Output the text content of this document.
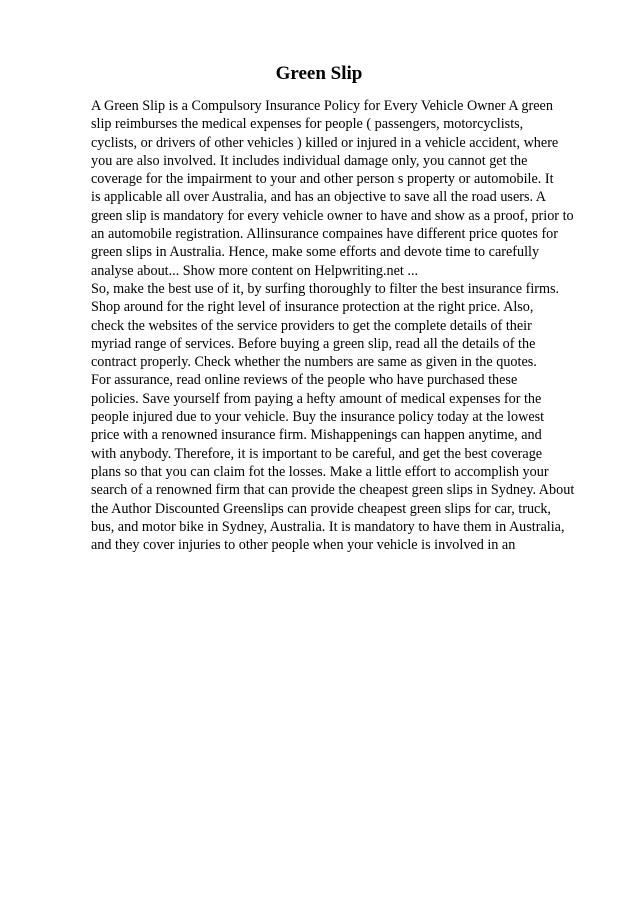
Green Slip
A Green Slip is a Compulsory Insurance Policy for Every Vehicle Owner A green
slip reimburses the medical expenses for people ( passengers, motorcyclists,
cyclists, or drivers of other vehicles ) killed or injured in a vehicle accident, where
you are also involved. It includes individual damage only, you cannot get the
coverage for the impairment to your and other person s property or automobile. It
is applicable all over Australia, and has an objective to save all the road users. A
green slip is mandatory for every vehicle owner to have and show as a proof, prior to
an automobile registration. Allinsurance compaines have different price quotes for
green slips in Australia. Hence, make some efforts and devote time to carefully
analyse about... Show more content on Helpwriting.net ...
So, make the best use of it, by surfing thoroughly to filter the best insurance firms.
Shop around for the right level of insurance protection at the right price. Also,
check the websites of the service providers to get the complete details of their
myriad range of services. Before buying a green slip, read all the details of the
contract properly. Check whether the numbers are same as given in the quotes.
For assurance, read online reviews of the people who have purchased these
policies. Save yourself from paying a hefty amount of medical expenses for the
people injured due to your vehicle. Buy the insurance policy today at the lowest
price with a renowned insurance firm. Mishappenings can happen anytime, and
with anybody. Therefore, it is important to be careful, and get the best coverage
plans so that you can claim fot the losses. Make a little effort to accomplish your
search of a renowned firm that can provide the cheapest green slips in Sydney. About
the Author Discounted Greenslips can provide cheapest green slips for car, truck,
bus, and motor bike in Sydney, Australia. It is mandatory to have them in Australia,
and they cover injuries to other people when your vehicle is involved in an
